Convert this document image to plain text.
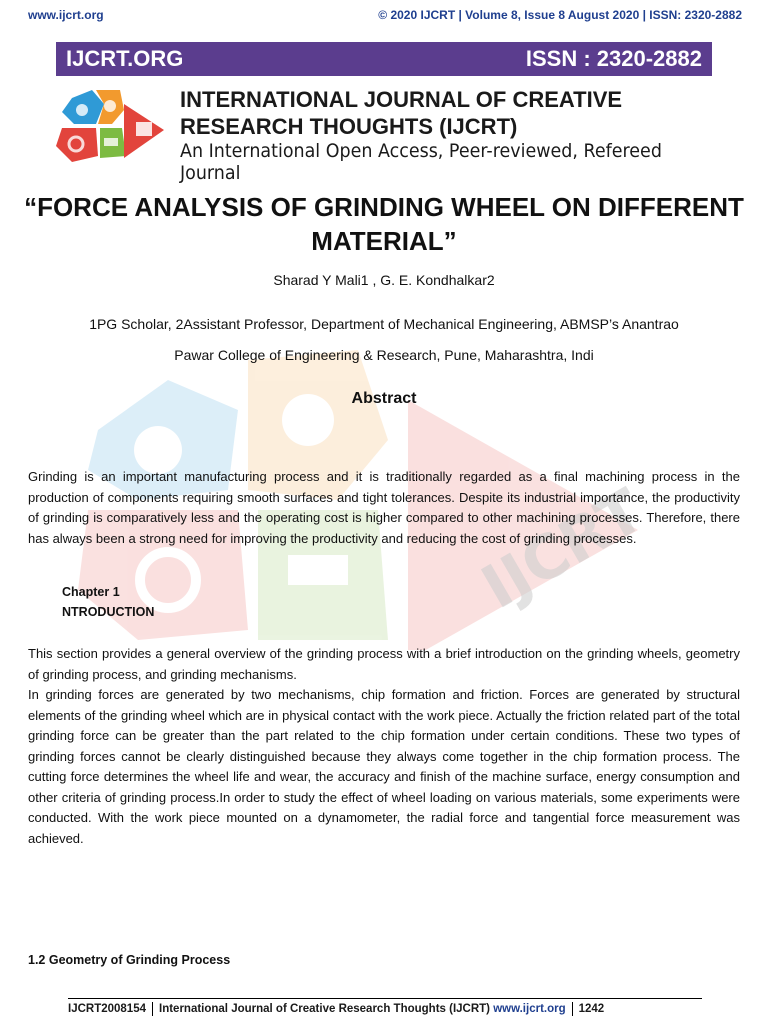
www.ijcrt.org	© 2020 IJCRT | Volume 8, Issue 8 August 2020 | ISSN: 2320-2882
IJCRT.ORG	ISSN : 2320-2882
INTERNATIONAL JOURNAL OF CREATIVE
RESEARCH THOUGHTS (IJCRT)
An International Open Access, Peer-reviewed, Refereed Journal
IJCRT
“FORCE ANALYSIS OF GRINDING WHEEL ON DIFFERENT
MATERIAL”
Sharad Y Mali1 , G. E. Kondhalkar2
1PG Scholar, 2Assistant Professor, Department of Mechanical Engineering, ABMSP’s Anantrao
Pawar College of Engineering & Research, Pune, Maharashtra, Indi
Abstract
Grinding is an important manufacturing process and it is traditionally regarded as a final machining process in the production of components requiring smooth surfaces and tight tolerances. Despite its industrial importance, the productivity of grinding is comparatively less and the operating cost is higher compared to other machining processes. Therefore, there has always been a strong need for improving the productivity and reducing the cost of grinding processes.
Chapter 1
NTRODUCTION
This section provides a general overview of the grinding process with a brief introduction on the grinding wheels, geometry of grinding process, and grinding mechanisms.
In grinding forces are generated by two mechanisms, chip formation and friction. Forces are generated by structural elements of the grinding wheel which are in physical contact with the work piece. Actually the friction related part of the total grinding force can be greater than the part related to the chip formation under certain conditions. These two types of grinding forces cannot be clearly distinguished because they always come together in the chip formation process. The cutting force determines the wheel life and wear, the accuracy and finish of the machine surface, energy consumption and other criteria of grinding process.In order to study the effect of wheel loading on various materials, some experiments were conducted. With the work piece mounted on a dynamometer, the radial force and tangential force measurement was achieved.
1.2 Geometry of Grinding Process
IJCRT2008154 International Journal of Creative Research Thoughts (IJCRT) www.ijcrt.org 1242
